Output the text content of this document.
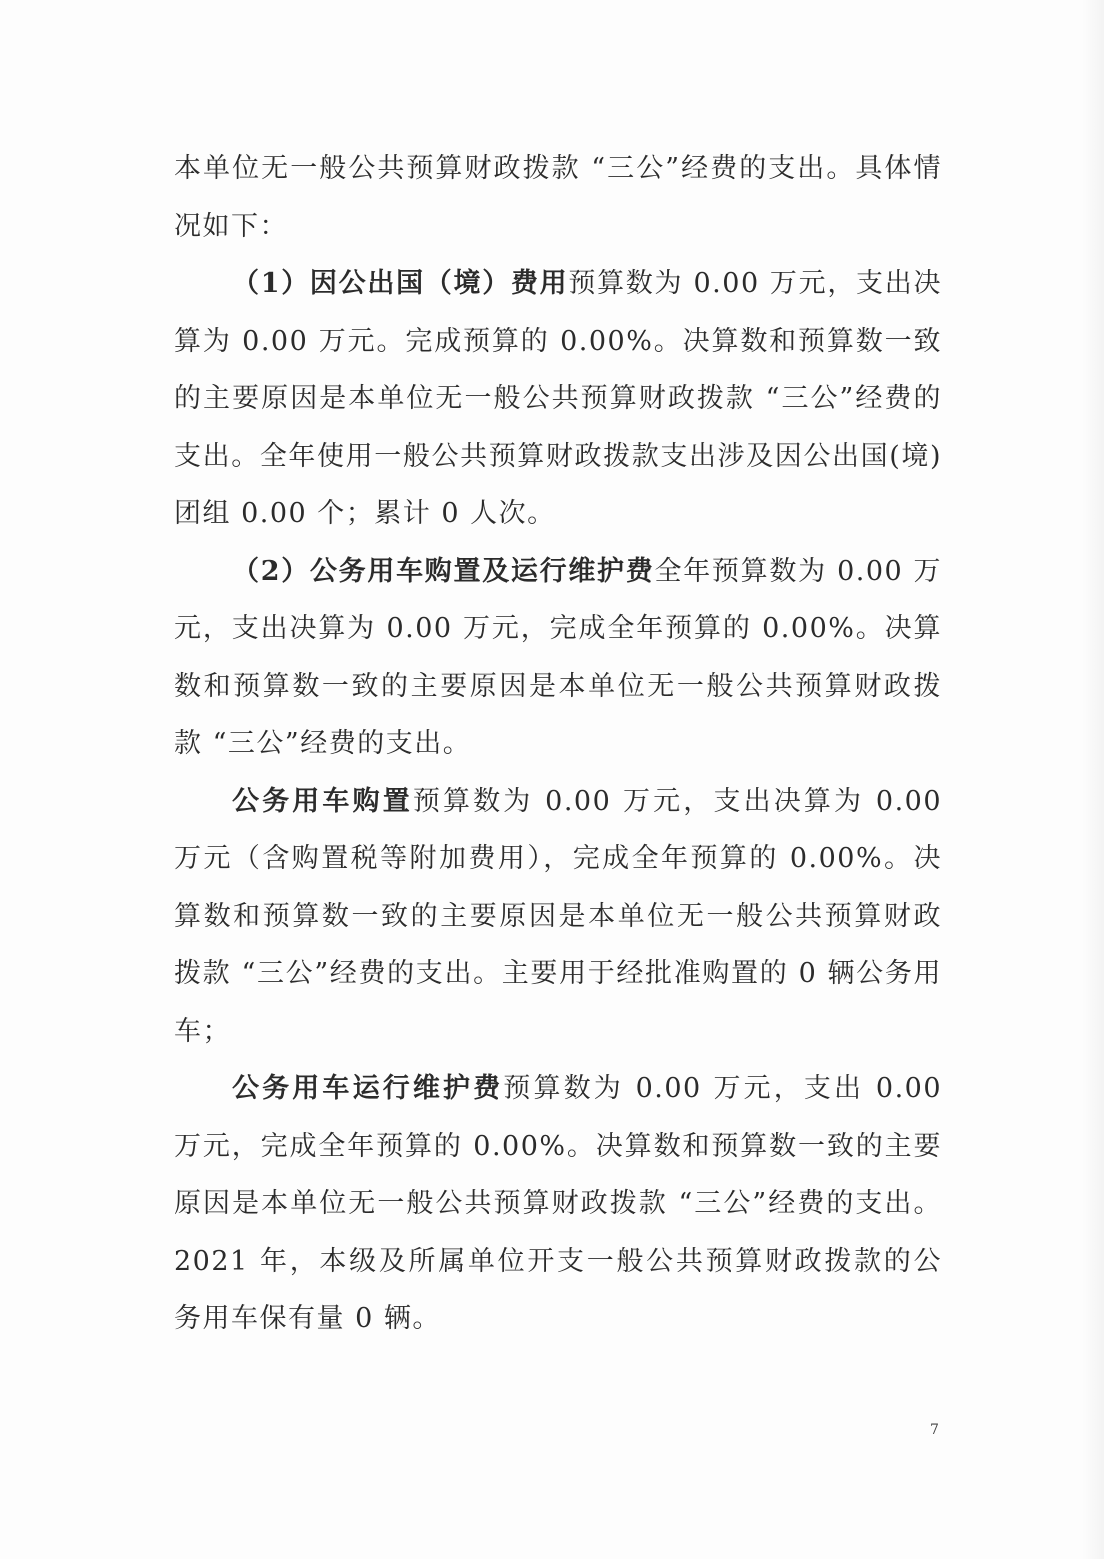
本单位无一般公共预算财政拨款 “三公”经费的支出。具体情况如下：

（1）因公出国（境）费用预算数为 0.00 万元，支出决算为 0.00 万元。完成预算的 0.00%。决算数和预算数一致的主要原因是本单位无一般公共预算财政拨款 “三公”经费的支出。全年使用一般公共预算财政拨款支出涉及因公出国(境)团组 0.00 个；累计 0 人次。

（2）公务用车购置及运行维护费全年预算数为 0.00 万元，支出决算为 0.00 万元，完成全年预算的 0.00%。决算数和预算数一致的主要原因是本单位无一般公共预算财政拨款 “三公”经费的支出。

公务用车购置预算数为 0.00 万元，支出决算为 0.00 万元（含购置税等附加费用），完成全年预算的 0.00%。决算数和预算数一致的主要原因是本单位无一般公共预算财政拨款 “三公”经费的支出。主要用于经批准购置的 0 辆公务用车；

公务用车运行维护费预算数为 0.00 万元，支出 0.00 万元，完成全年预算的 0.00%。决算数和预算数一致的主要原因是本单位无一般公共预算财政拨款 “三公”经费的支出。2021 年，本级及所属单位开支一般公共预算财政拨款的公务用车保有量 0 辆。

7
